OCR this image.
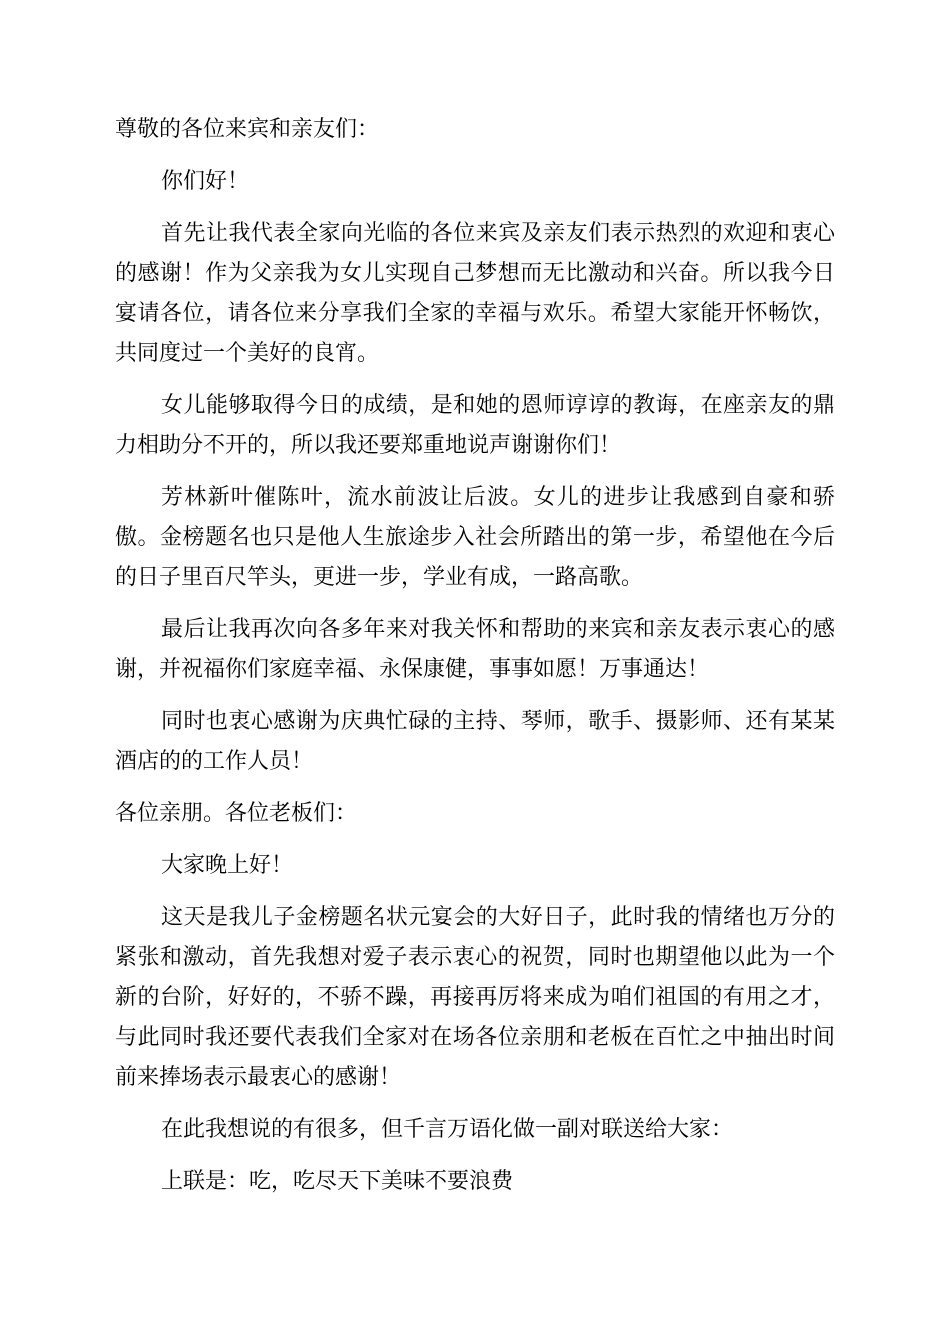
尊敬的各位来宾和亲友们：

你们好！

首先让我代表全家向光临的各位来宾及亲友们表示热烈的欢迎和衷心的感谢！作为父亲我为女儿实现自己梦想而无比激动和兴奋。所以我今日宴请各位，请各位来分享我们全家的幸福与欢乐。希望大家能开怀畅饮，共同度过一个美好的良宵。

女儿能够取得今日的成绩，是和她的恩师谆谆的教诲，在座亲友的鼎力相助分不开的，所以我还要郑重地说声谢谢你们！

芳林新叶催陈叶，流水前波让后波。女儿的进步让我感到自豪和骄傲。金榜题名也只是他人生旅途步入社会所踏出的第一步，希望他在今后的日子里百尺竿头，更进一步，学业有成，一路高歌。

最后让我再次向各多年来对我关怀和帮助的来宾和亲友表示衷心的感谢，并祝福你们家庭幸福、永保康健，事事如愿！万事通达！

同时也衷心感谢为庆典忙碌的主持、琴师，歌手、摄影师、还有某某酒店的的工作人员！

各位亲朋。各位老板们：

大家晚上好！

这天是我儿子金榜题名状元宴会的大好日子，此时我的情绪也万分的紧张和激动，首先我想对爱子表示衷心的祝贺，同时也期望他以此为一个新的台阶，好好的，不骄不躁，再接再厉将来成为咱们祖国的有用之才，与此同时我还要代表我们全家对在场各位亲朋和老板在百忙之中抽出时间前来捧场表示最衷心的感谢！

在此我想说的有很多，但千言万语化做一副对联送给大家：

上联是：吃，吃尽天下美味不要浪费
